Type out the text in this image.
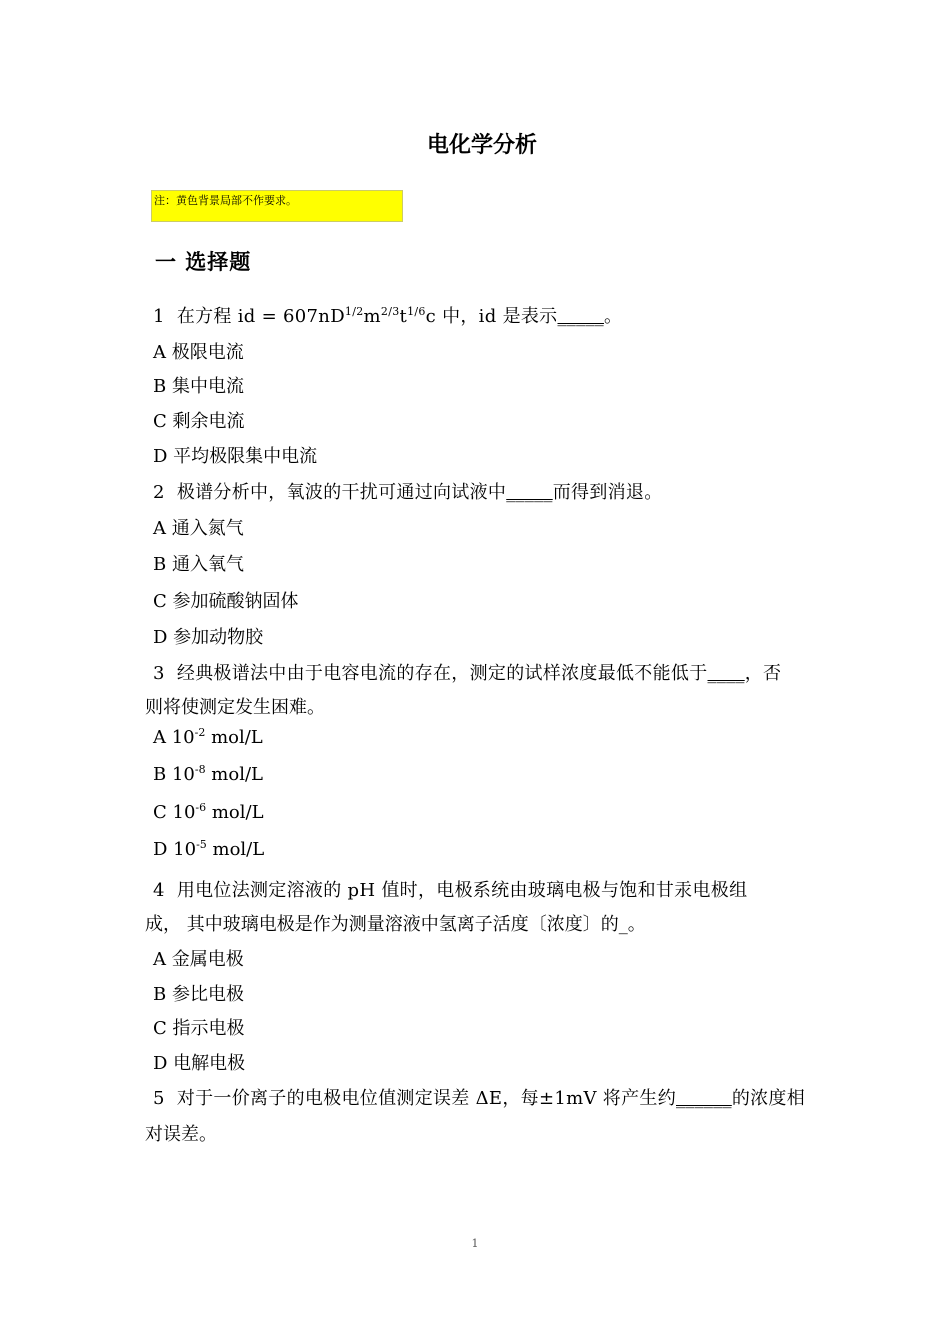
电化学分析
注：黄色背景局部不作要求。
一 选择题
1 在方程 id = $607nD^{1/2}m^{2/3}t^{1/6}c$ 中，id 是表示_____。
A 极限电流
B 集中电流
C 剩余电流
D 平均极限集中电流
2 极谱分析中，氧波的干扰可通过向试液中_____而得到消退。
A 通入氮气
B 通入氧气
C 参加硫酸钠固体
D 参加动物胶
3 经典极谱法中由于电容电流的存在，测定的试样浓度最低不能低于____，否
则将使测定发生困难。
A $10^{-2}$ mol/L
B $10^{-8}$ mol/L
C $10^{-6}$ mol/L
D $10^{-5}$ mol/L
4 用电位法测定溶液的 pH 值时，电极系统由玻璃电极与饱和甘汞电极组
成， 其中玻璃电极是作为测量溶液中氢离子活度〔浓度〕的_。
A 金属电极
B 参比电极
C 指示电极
D 电解电极
5 对于一价离子的电极电位值测定误差 ΔE，每±1mV 将产生约______的浓度相
对误差。
1
